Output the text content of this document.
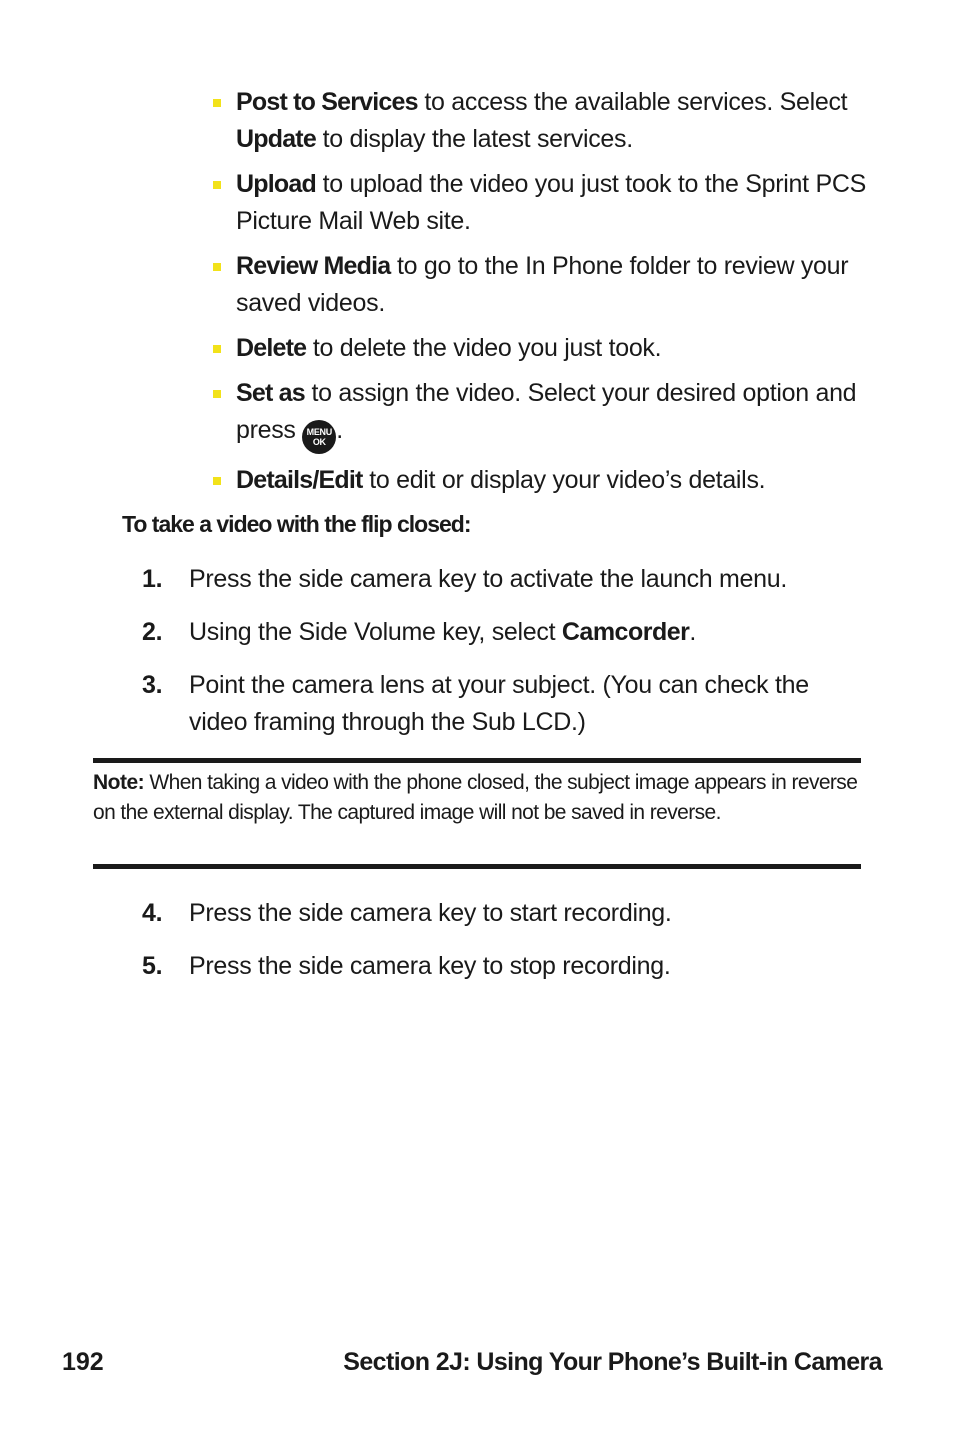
Post to Services to access the available services. Select Update to display the latest services.
Upload to upload the video you just took to the Sprint PCS Picture Mail Web site.
Review Media to go to the In Phone folder to review your saved videos.
Delete to delete the video you just took.
Set as to assign the video. Select your desired option and press MENU
OK .
Details/Edit to edit or display your video’s details.
To take a video with the flip closed:
1. Press the side camera key to activate the launch menu.
2. Using the Side Volume key, select Camcorder.
3. Point the camera lens at your subject. (You can check the video framing through the Sub LCD.)

Note: When taking a video with the phone closed, the subject image appears in reverse on the external display. The captured image will not be saved in reverse.

4. Press the side camera key to start recording.
5. Press the side camera key to stop recording.
192	Section 2J: Using Your Phone’s Built-in Camera
